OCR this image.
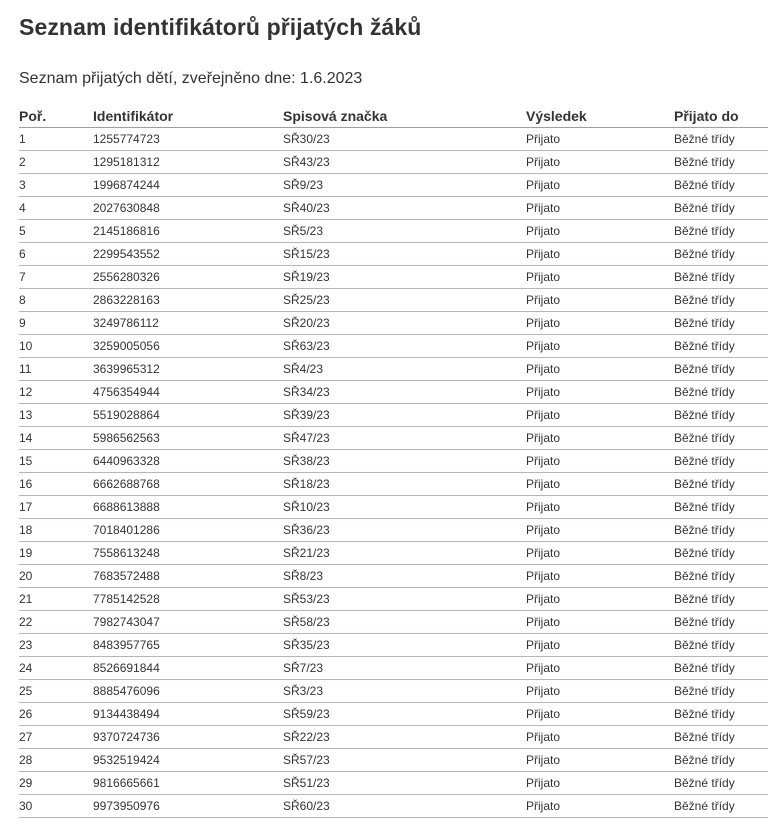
Seznam identifikátorů přijatých žáků

Seznam přijatých dětí, zveřejněno dne: 1.6.2023

Poř.	Identifikátor	Spisová značka	Výsledek	Přijato do
1	1255774723	SŘ30/23	Přijato	Běžné třídy
2	1295181312	SŘ43/23	Přijato	Běžné třídy
3	1996874244	SŘ9/23	Přijato	Běžné třídy
4	2027630848	SŘ40/23	Přijato	Běžné třídy
5	2145186816	SŘ5/23	Přijato	Běžné třídy
6	2299543552	SŘ15/23	Přijato	Běžné třídy
7	2556280326	SŘ19/23	Přijato	Běžné třídy
8	2863228163	SŘ25/23	Přijato	Běžné třídy
9	3249786112	SŘ20/23	Přijato	Běžné třídy
10	3259005056	SŘ63/23	Přijato	Běžné třídy
11	3639965312	SŘ4/23	Přijato	Běžné třídy
12	4756354944	SŘ34/23	Přijato	Běžné třídy
13	5519028864	SŘ39/23	Přijato	Běžné třídy
14	5986562563	SŘ47/23	Přijato	Běžné třídy
15	6440963328	SŘ38/23	Přijato	Běžné třídy
16	6662688768	SŘ18/23	Přijato	Běžné třídy
17	6688613888	SŘ10/23	Přijato	Běžné třídy
18	7018401286	SŘ36/23	Přijato	Běžné třídy
19	7558613248	SŘ21/23	Přijato	Běžné třídy
20	7683572488	SŘ8/23	Přijato	Běžné třídy
21	7785142528	SŘ53/23	Přijato	Běžné třídy
22	7982743047	SŘ58/23	Přijato	Běžné třídy
23	8483957765	SŘ35/23	Přijato	Běžné třídy
24	8526691844	SŘ7/23	Přijato	Běžné třídy
25	8885476096	SŘ3/23	Přijato	Běžné třídy
26	9134438494	SŘ59/23	Přijato	Běžné třídy
27	9370724736	SŘ22/23	Přijato	Běžné třídy
28	9532519424	SŘ57/23	Přijato	Běžné třídy
29	9816665661	SŘ51/23	Přijato	Běžné třídy
30	9973950976	SŘ60/23	Přijato	Běžné třídy
